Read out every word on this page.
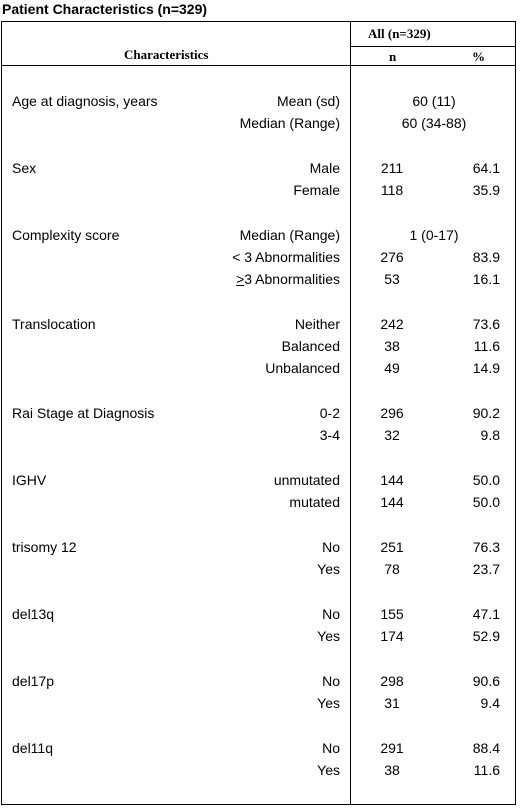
Patient Characteristics (n=329)
All (n=329)
Characteristics	n	%
Age at diagnosis, years	Mean (sd)	60 (11)
Median (Range)	60 (34-88)
Sex	Male	211	64.1
Female	118	35.9
Complexity score	Median (Range)	1 (0-17)
< 3 Abnormalities	276	83.9
≥3 Abnormalities	53	16.1
Translocation	Neither	242	73.6
Balanced	38	11.6
Unbalanced	49	14.9
Rai Stage at Diagnosis	0-2	296	90.2
3-4	32	9.8
IGHV	unmutated	144	50.0
mutated	144	50.0
trisomy 12	No	251	76.3
Yes	78	23.7
del13q	No	155	47.1
Yes	174	52.9
del17p	No	298	90.6
Yes	31	9.4
del11q	No	291	88.4
Yes	38	11.6
